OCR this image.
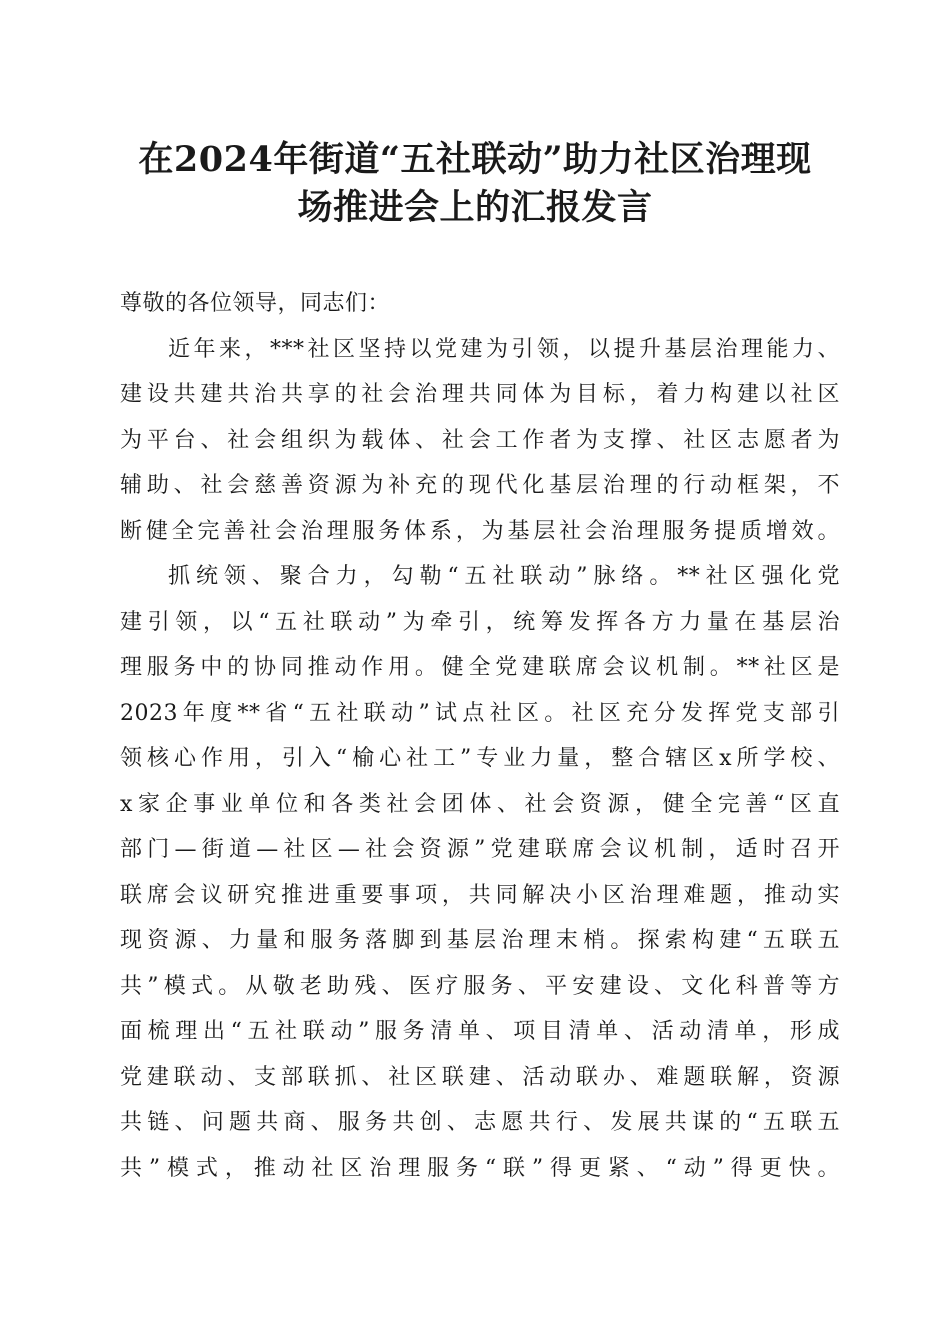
在2024年街道“五社联动”助力社区治理现
场推进会上的汇报发言
尊敬的各位领导，同志们：
近年来，***社区坚持以党建为引领，以提升基层治理能力、
建设共建共治共享的社会治理共同体为目标，着力构建以社区
为平台、社会组织为载体、社会工作者为支撑、社区志愿者为
辅助、社会慈善资源为补充的现代化基层治理的行动框架，不
断健全完善社会治理服务体系，为基层社会治理服务提质增效。
抓统领、聚合力，勾勒“五社联动”脉络。**社区强化党
建引领，以“五社联动”为牵引，统筹发挥各方力量在基层治
理服务中的协同推动作用。健全党建联席会议机制。**社区是
2023年度**省“五社联动”试点社区。社区充分发挥党支部引
领核心作用，引入“榆心社工”专业力量，整合辖区x所学校、
x家企事业单位和各类社会团体、社会资源，健全完善“区直
部门—街道—社区—社会资源”党建联席会议机制，适时召开
联席会议研究推进重要事项，共同解决小区治理难题，推动实
现资源、力量和服务落脚到基层治理末梢。探索构建“五联五
共”模式。从敬老助残、医疗服务、平安建设、文化科普等方
面梳理出“五社联动”服务清单、项目清单、活动清单，形成
党建联动、支部联抓、社区联建、活动联办、难题联解，资源
共链、问题共商、服务共创、志愿共行、发展共谋的“五联五
共”模式，推动社区治理服务“联”得更紧、“动”得更快。
